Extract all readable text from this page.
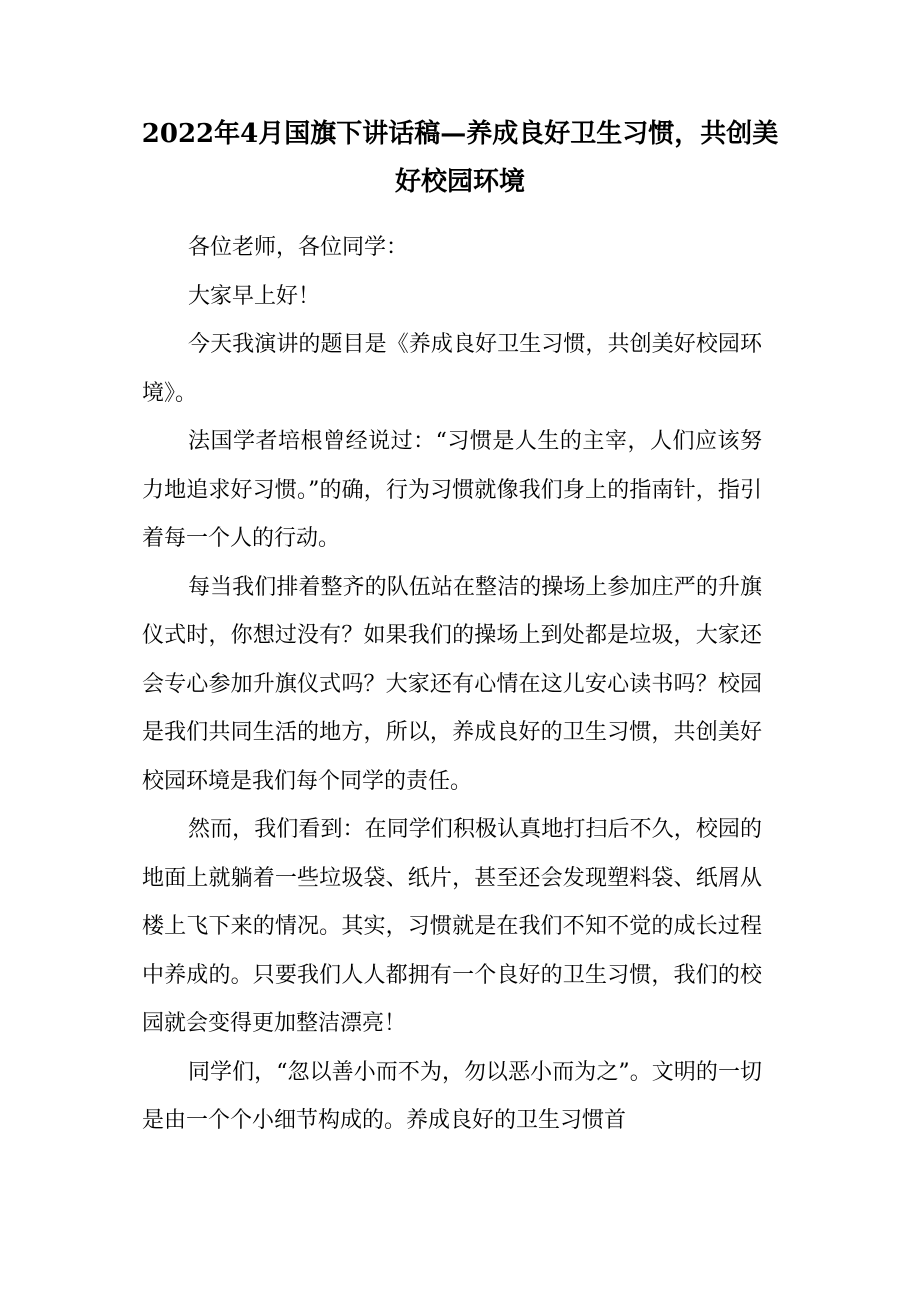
2022年4月国旗下讲话稿—养成良好卫生习惯，共创美好校园环境

各位老师，各位同学：

大家早上好！

今天我演讲的题目是《养成良好卫生习惯，共创美好校园环境》。

法国学者培根曾经说过：“习惯是人生的主宰，人们应该努力地追求好习惯。”的确，行为习惯就像我们身上的指南针，指引着每一个人的行动。

每当我们排着整齐的队伍站在整洁的操场上参加庄严的升旗仪式时，你想过没有？如果我们的操场上到处都是垃圾，大家还会专心参加升旗仪式吗？大家还有心情在这儿安心读书吗？校园是我们共同生活的地方，所以，养成良好的卫生习惯，共创美好校园环境是我们每个同学的责任。

然而，我们看到：在同学们积极认真地打扫后不久，校园的地面上就躺着一些垃圾袋、纸片，甚至还会发现塑料袋、纸屑从楼上飞下来的情况。其实，习惯就是在我们不知不觉的成长过程中养成的。只要我们人人都拥有一个良好的卫生习惯，我们的校园就会变得更加整洁漂亮！

同学们，“忽以善小而不为，勿以恶小而为之”。文明的一切是由一个个小细节构成的。养成良好的卫生习惯首
